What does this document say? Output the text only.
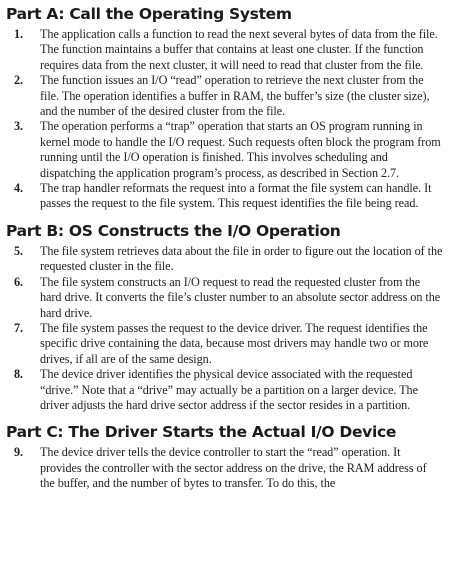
Part A: Call the Operating System
1. The application calls a function to read the next several bytes of data from the file. The function maintains a buffer that contains at least one cluster. If the function requires data from the next cluster, it will need to read that cluster from the file.
2. The function issues an I/O “read” operation to retrieve the next cluster from the file. The operation identifies a buffer in RAM, the buffer’s size (the cluster size), and the number of the desired cluster from the file.
3. The operation performs a “trap” operation that starts an OS program running in kernel mode to handle the I/O request. Such requests often block the program from running until the I/O operation is finished. This involves scheduling and dispatching the application program’s process, as described in Section 2.7.
4. The trap handler reformats the request into a format the file system can handle. It passes the request to the file system. This request identifies the file being read.
Part B: OS Constructs the I/O Operation
5. The file system retrieves data about the file in order to figure out the location of the requested cluster in the file.
6. The file system constructs an I/O request to read the requested cluster from the hard drive. It converts the file’s cluster number to an absolute sector address on the hard drive.
7. The file system passes the request to the device driver. The request identifies the specific drive containing the data, because most drivers may handle two or more drives, if all are of the same design.
8. The device driver identifies the physical device associated with the requested “drive.” Note that a “drive” may actually be a partition on a larger device. The driver adjusts the hard drive sector address if the sector resides in a partition.
Part C: The Driver Starts the Actual I/O Device
9. The device driver tells the device controller to start the “read” operation. It provides the controller with the sector address on the drive, the RAM address of the buffer, and the number of bytes to transfer. To do this, the
